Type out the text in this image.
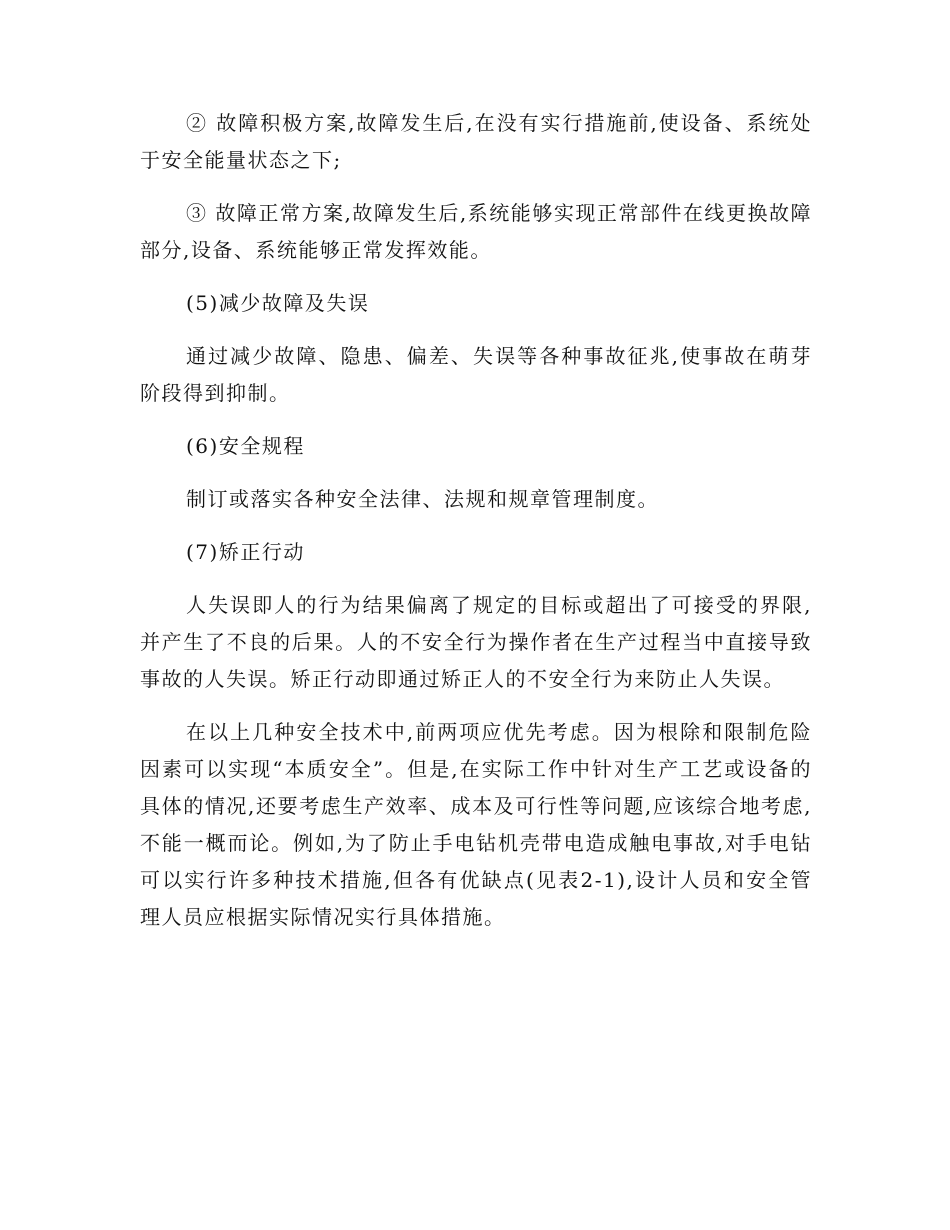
② 故障积极方案,故障发生后,在没有实行措施前,使设备、系统处于安全能量状态之下;

③ 故障正常方案,故障发生后,系统能够实现正常部件在线更换故障部分,设备、系统能够正常发挥效能。

(5)减少故障及失误

通过减少故障、隐患、偏差、失误等各种事故征兆,使事故在萌芽阶段得到抑制。

(6)安全规程

制订或落实各种安全法律、法规和规章管理制度。

(7)矫正行动

人失误即人的行为结果偏离了规定的目标或超出了可接受的界限,并产生了不良的后果。人的不安全行为操作者在生产过程当中直接导致事故的人失误。矫正行动即通过矫正人的不安全行为来防止人失误。

在以上几种安全技术中,前两项应优先考虑。因为根除和限制危险因素可以实现“本质安全”。但是,在实际工作中针对生产工艺或设备的具体的情况,还要考虑生产效率、成本及可行性等问题,应该综合地考虑,不能一概而论。例如,为了防止手电钻机壳带电造成触电事故,对手电钻可以实行许多种技术措施,但各有优缺点(见表2-1),设计人员和安全管理人员应根据实际情况实行具体措施。
